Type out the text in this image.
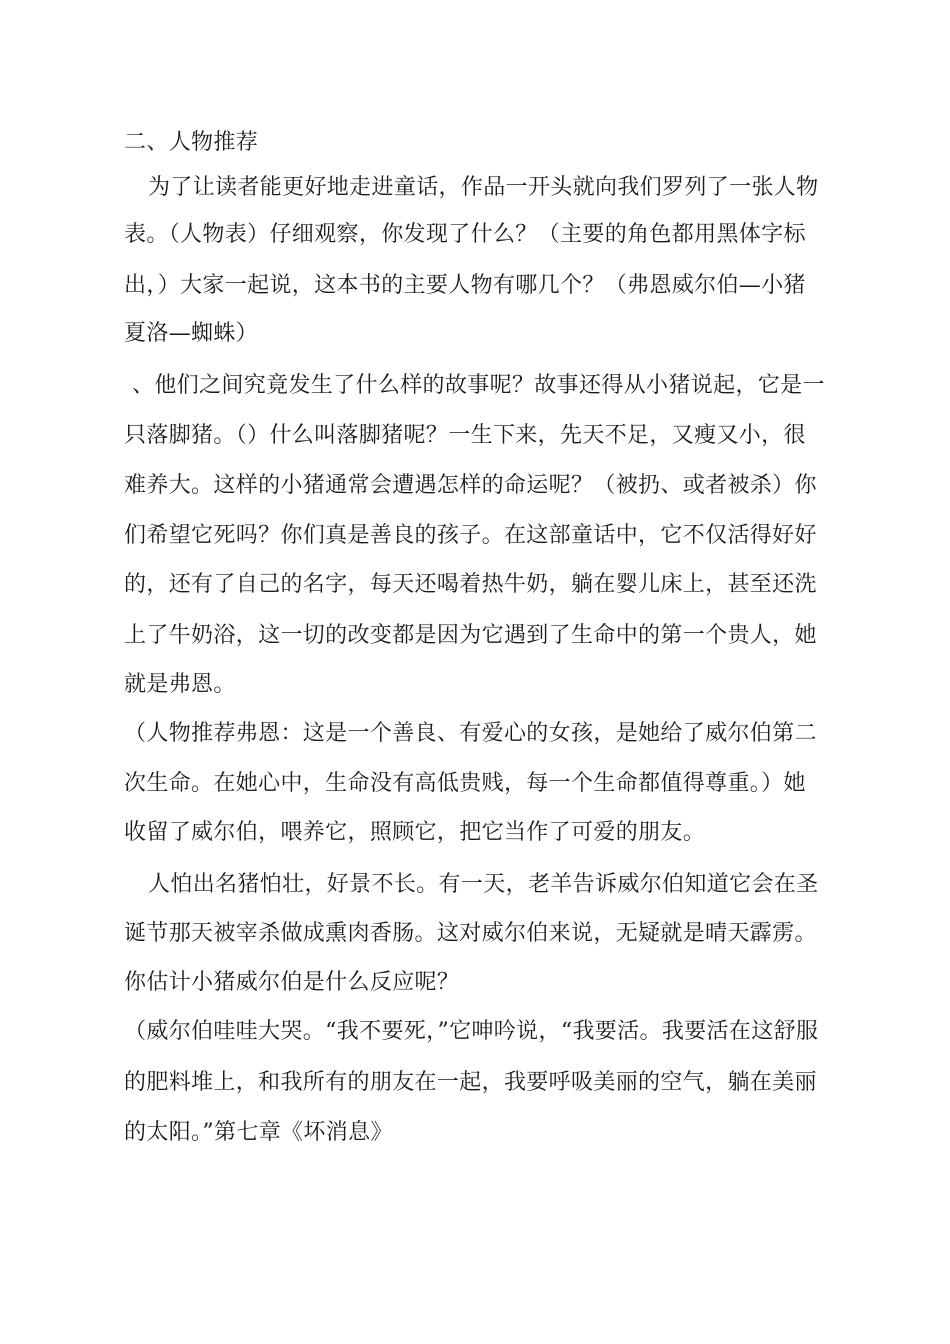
二、人物推荐
为了让读者能更好地走进童话，作品一开头就向我们罗列了一张人物
表。（人物表）仔细观察，你发现了什么？（主要的角色都用黑体字标
出，）大家一起说，这本书的主要人物有哪几个？（弗恩威尔伯—小猪
夏洛—蜘蛛）
、他们之间究竟发生了什么样的故事呢？故事还得从小猪说起，它是一
只落脚猪。（）什么叫落脚猪呢？一生下来，先天不足，又瘦又小，很
难养大。这样的小猪通常会遭遇怎样的命运呢？（被扔、或者被杀）你
们希望它死吗？你们真是善良的孩子。在这部童话中，它不仅活得好好
的，还有了自己的名字，每天还喝着热牛奶，躺在婴儿床上，甚至还洗
上了牛奶浴，这一切的改变都是因为它遇到了生命中的第一个贵人，她
就是弗恩。
（人物推荐弗恩：这是一个善良、有爱心的女孩，是她给了威尔伯第二
次生命。在她心中，生命没有高低贵贱，每一个生命都值得尊重。）她
收留了威尔伯，喂养它，照顾它，把它当作了可爱的朋友。
人怕出名猪怕壮，好景不长。有一天，老羊告诉威尔伯知道它会在圣
诞节那天被宰杀做成熏肉香肠。这对威尔伯来说，无疑就是晴天霹雳。
你估计小猪威尔伯是什么反应呢？
（威尔伯哇哇大哭。“我不要死，”它呻吟说，“我要活。我要活在这舒服
的肥料堆上，和我所有的朋友在一起，我要呼吸美丽的空气，躺在美丽
的太阳。”第七章《坏消息》
